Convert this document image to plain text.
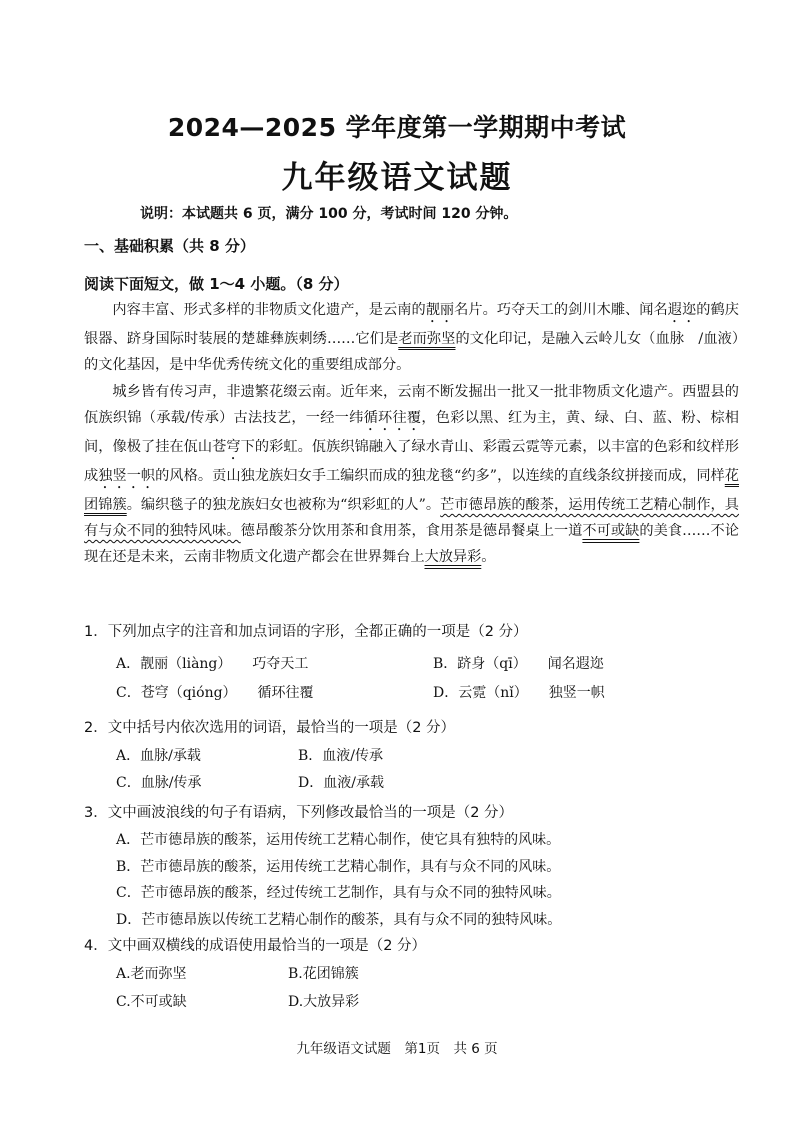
2024—2025 学年度第一学期期中考试
九年级语文试题
说明：本试题共 6 页，满分 100 分，考试时间 120 分钟。
一、基础积累（共 8 分）
阅读下面短文，做 1～4 小题。（8 分）

内容丰富、形式多样的非物质文化遗产，是云南的靓丽名片。巧夺天工的剑川木雕、闻名遐迩的鹤庆银器、跻身国际时装展的楚雄彝族刺绣……它们是老而弥坚的文化印记，是融入云岭儿女（血脉　/血液）的文化基因，是中华优秀传统文化的重要组成部分。

城乡皆有传习声，非遗繁花缀云南。近年来，云南不断发掘出一批又一批非物质文化遗产。西盟县的佤族织锦（承载/传承）古法技艺，一经一纬循环往覆，色彩以黑、红为主，黄、绿、白、蓝、粉、棕相间，像极了挂在佤山苍穹下的彩虹。佤族织锦融入了绿水青山、彩霞云霓等元素，以丰富的色彩和纹样形成独竖一帜的风格。贡山独龙族妇女手工编织而成的独龙毯“约多”，以连续的直线条纹拼接而成，同样花团锦簇。编织毯子的独龙族妇女也被称为“织彩虹的人”。芒市德昂族的酸茶，运用传统工艺精心制作，具有与众不同的独特风味。德昂酸茶分饮用茶和食用茶，食用茶是德昂餐桌上一道不可或缺的美食……不论现在还是未来，云南非物质文化遗产都会在世界舞台上大放异彩。

1．下列加点字的注音和加点词语的字形，全都正确的一项是（2 分）
A．靓丽（liàng）　　巧夺天工	B．跻身（qī）　　闻名遐迩
C．苍穹（qióng）　　循环往覆	D．云霓（nǐ）　　独竖一帜
2．文中括号内依次选用的词语，最恰当的一项是（2 分）
A．血脉/承载	B．血液/传承
C．血脉/传承	D．血液/承载
3．文中画波浪线的句子有语病，下列修改最恰当的一项是（2 分）
A．芒市德昂族的酸茶，运用传统工艺精心制作，使它具有独特的风味。
B．芒市德昂族的酸茶，运用传统工艺精心制作，具有与众不同的风味。
C．芒市德昂族的酸茶，经过传统工艺制作，具有与众不同的独特风味。
D．芒市德昂族以传统工艺精心制作的酸茶，具有与众不同的独特风味。
4．文中画双横线的成语使用最恰当的一项是（2 分）
A.老而弥坚	B.花团锦簇
C.不可或缺	D.大放异彩
九年级语文试题　第1页　共 6 页
